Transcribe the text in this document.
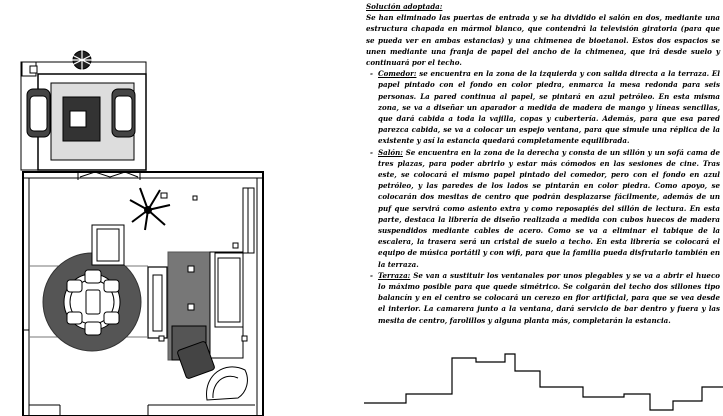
Solución adoptada:

Se han eliminado las puertas de entrada y se ha dividido el salón en dos, mediante una estructura chapada en mármol blanco, que contendrá la televisión giratoria (para que se pueda ver en ambas estancias) y una chimenea de bioetanol. Estos dos espacios se unen mediante una franja de papel del ancho de la chimenea, que irá desde suelo y continuará por el techo.

- Comedor: se encuentra en la zona de la izquierda y con salida directa a la terraza. El papel pintado con el fondo en color piedra, enmarca la mesa redonda para seis personas. La pared continua al papel, se pintará en azul petróleo. En esta misma zona, se va a diseñar un aparador a medida de madera de mango y líneas sencillas, que dará cabida a toda la vajilla, copas y cubertería. Además, para que esa pared parezca cabida, se va a colocar un espejo ventana, para que simule una réplica de la existente y así la estancia quedará completamente equilibrada.
- Salón: Se encuentra en la zona de la derecha y consta de un sillón y un sofá cama de tres plazas, para poder abrirlo y estar más cómodos en las sesiones de cine. Tras este, se colocará el mismo papel pintado del comedor, pero con el fondo en azul petróleo, y las paredes de los lados se pintarán en color piedra. Como apoyo, se colocarán dos mesitas de centro que podrán desplazarse fácilmente, además de un puf que servirá como asiento extra y como reposapiés del sillón de lectura. En esta parte, destaca la librería de diseño realizada a medida con cubos huecos de madera suspendidos mediante cables de acero. Como se va a eliminar el tabique de la escalera, la trasera será un cristal de suelo a techo. En esta librería se colocará el equipo de música portátil y con wifi, para que la familia pueda disfrutarlo también en la terraza.
- Terraza: Se van a sustituir los ventanales por unos plegables y se va a abrir el hueco lo máximo posible para que quede simétrico. Se colgarán del techo dos sillones tipo balancín y en el centro se colocará un cerezo en flor artificial, para que se vea desde el interior. La camarera junto a la ventana, dará servicio de bar dentro y fuera y las mesita de centro, farolillos y alguna planta más, completarán la estancia.
